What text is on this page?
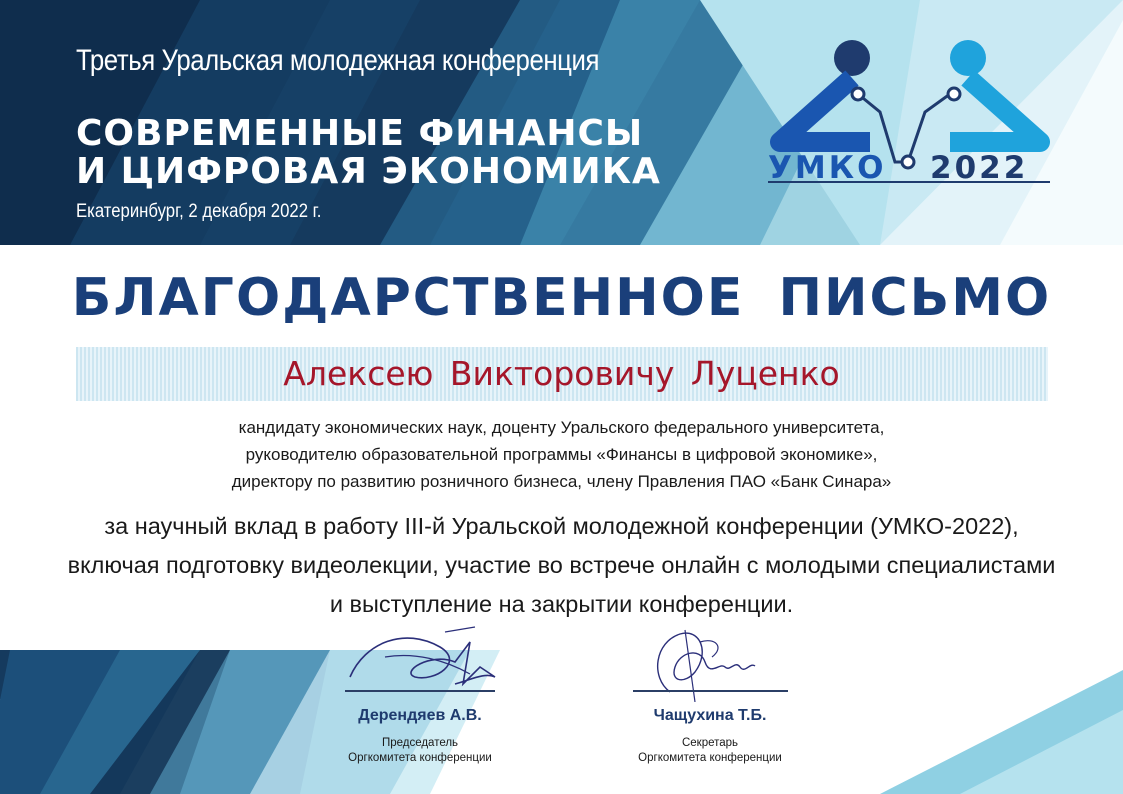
Третья Уральская молодежная конференция
СОВРЕМЕННЫЕ ФИНАНСЫ
И ЦИФРОВАЯ ЭКОНОМИКА
Екатеринбург, 2 декабря 2022 г.
УМКО 2022
БЛАГОДАРСТВЕННОЕ ПИСЬМО
Алексею Викторовичу Луценко
кандидату экономических наук, доценту Уральского федерального университета,
руководителю образовательной программы «Финансы в цифровой экономике»,
директору по развитию розничного бизнеса, члену Правления ПАО «Банк Синара»
за научный вклад в работу III-й Уральской молодежной конференции (УМКО-2022),
включая подготовку видеолекции, участие во встрече онлайн с молодыми специалистами
и выступление на закрытии конференции.
Дерендяев А.В.
Председатель
Оргкомитета конференции
Чащухина Т.Б.
Секретарь
Оргкомитета конференции
